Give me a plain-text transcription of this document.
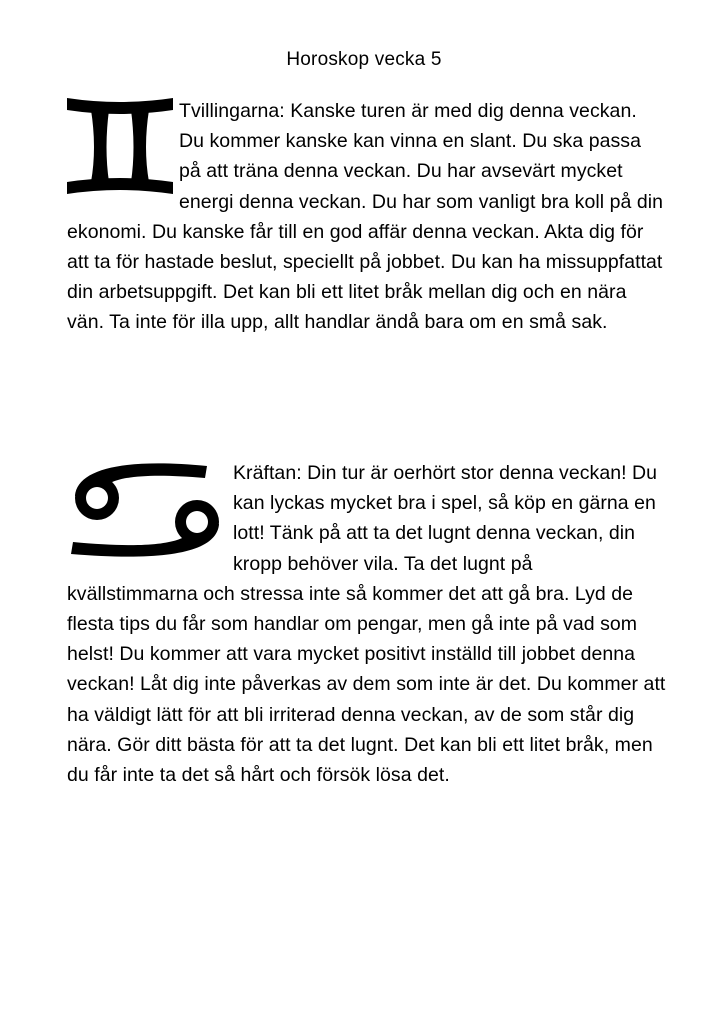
Horoskop vecka 5

Tvillingarna: Kanske turen är med dig denna veckan. Du kommer kanske kan vinna en slant. Du ska passa på att träna denna veckan. Du har avsevärt mycket energi denna veckan. Du har som vanligt bra koll på din ekonomi. Du kanske får till en god affär denna veckan. Akta dig för att ta för hastade beslut, speciellt på jobbet. Du kan ha missuppfattat din arbetsuppgift. Det kan bli ett litet bråk mellan dig och en nära vän. Ta inte för illa upp, allt handlar ändå bara om en små sak.

Kräftan: Din tur är oerhört stor denna veckan! Du kan lyckas mycket bra i spel, så köp en gärna en lott! Tänk på att ta det lugnt denna veckan, din kropp behöver vila. Ta det lugnt på kvällstimmarna och stressa inte så kommer det att gå bra. Lyd de flesta tips du får som handlar om pengar, men gå inte på vad som helst! Du kommer att vara mycket positivt inställd till jobbet denna veckan! Låt dig inte påverkas av dem som inte är det. Du kommer att ha väldigt lätt för att bli irriterad denna veckan, av de som står dig nära. Gör ditt bästa för att ta det lugnt. Det kan bli ett litet bråk, men du får inte ta det så hårt och försök lösa det.
